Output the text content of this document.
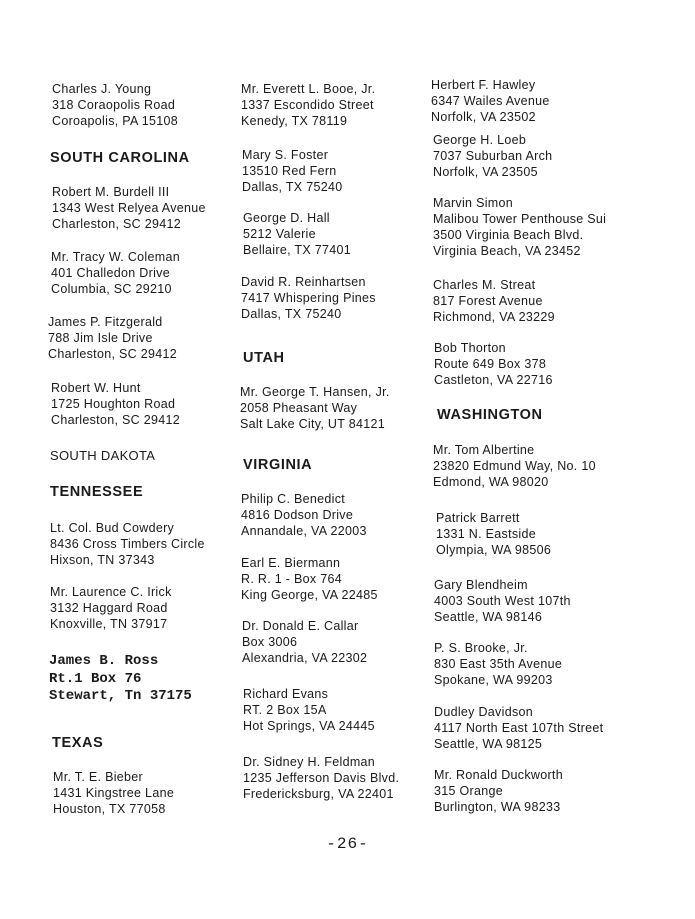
Charles J. Young
318 Coraopolis Road
Coroapolis, PA 15108
SOUTH CAROLINA
Robert M. Burdell III
1343 West Relyea Avenue
Charleston, SC 29412
Mr. Tracy W. Coleman
401 Challedon Drive
Columbia, SC 29210
James P. Fitzgerald
788 Jim Isle Drive
Charleston, SC 29412
Robert W. Hunt
1725 Houghton Road
Charleston, SC 29412
SOUTH DAKOTA
TENNESSEE
Lt. Col. Bud Cowdery
8436 Cross Timbers Circle
Hixson, TN 37343
Mr. Laurence C. Irick
3132 Haggard Road
Knoxville, TN 37917
James B. Ross
Rt.1 Box 76
Stewart, Tn 37175
TEXAS
Mr. T. E. Bieber
1431 Kingstree Lane
Houston, TX 77058
Mr. Everett L. Booe, Jr.
1337 Escondido Street
Kenedy, TX 78119
Mary S. Foster
13510 Red Fern
Dallas, TX 75240
George D. Hall
5212 Valerie
Bellaire, TX 77401
David R. Reinhartsen
7417 Whispering Pines
Dallas, TX 75240
UTAH
Mr. George T. Hansen, Jr.
2058 Pheasant Way
Salt Lake City, UT 84121
VIRGINIA
Philip C. Benedict
4816 Dodson Drive
Annandale, VA 22003
Earl E. Biermann
R. R. 1 - Box 764
King George, VA 22485
Dr. Donald E. Callar
Box 3006
Alexandria, VA 22302
Richard Evans
RT. 2 Box 15A
Hot Springs, VA 24445
Dr. Sidney H. Feldman
1235 Jefferson Davis Blvd.
Fredericksburg, VA 22401
Herbert F. Hawley
6347 Wailes Avenue
Norfolk, VA 23502
George H. Loeb
7037 Suburban Arch
Norfolk, VA 23505
Marvin Simon
Malibou Tower Penthouse Sui
3500 Virginia Beach Blvd.
Virginia Beach, VA 23452
Charles M. Streat
817 Forest Avenue
Richmond, VA 23229
Bob Thorton
Route 649 Box 378
Castleton, VA 22716
WASHINGTON
Mr. Tom Albertine
23820 Edmund Way, No. 10
Edmond, WA 98020
Patrick Barrett
1331 N. Eastside
Olympia, WA 98506
Gary Blendheim
4003 South West 107th
Seattle, WA 98146
P. S. Brooke, Jr.
830 East 35th Avenue
Spokane, WA 99203
Dudley Davidson
4117 North East 107th Street
Seattle, WA 98125
Mr. Ronald Duckworth
315 Orange
Burlington, WA 98233
-26-
